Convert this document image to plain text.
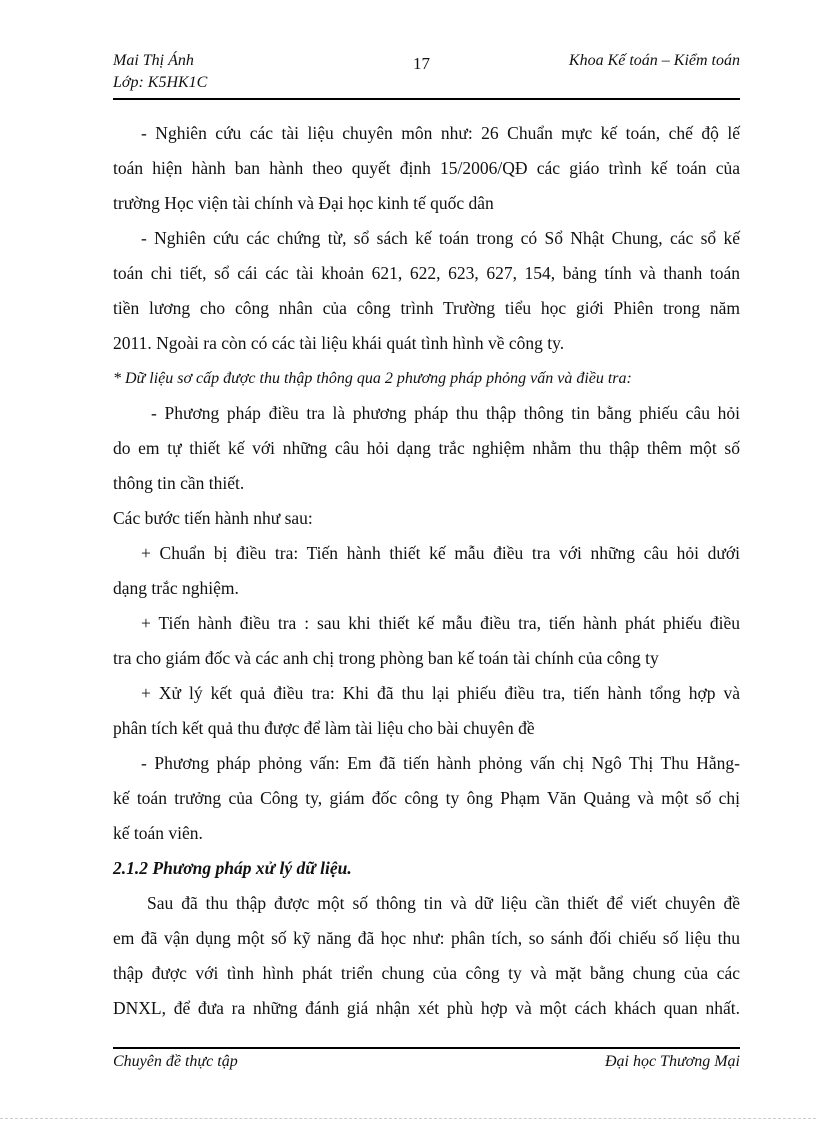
Mai Thị Ánh
Lớp: K5HK1C
17	Khoa Kế toán – Kiểm toán
- Nghiên cứu các tài liệu chuyên môn như: 26 Chuẩn mực kế toán, chế độ lế
toán hiện hành ban hành theo quyết định 15/2006/QĐ các giáo trình kế toán của
trường Học viện tài chính và Đại học kinh tế quốc dân
- Nghiên cứu các chứng từ, sổ sách kế toán trong có Sổ Nhật Chung, các sổ kế
toán chi tiết, sổ cái các tài khoản 621, 622, 623, 627, 154, bảng tính và thanh toán
tiền lương cho công nhân của công trình Trường tiểu học giới Phiên trong năm
2011. Ngoài ra còn có các tài liệu khái quát tình hình về công ty.
* Dữ liệu sơ cấp được thu thập thông qua 2 phương pháp phỏng vấn và điều tra:
- Phương pháp điều tra là phương pháp thu thập thông tin bằng phiếu câu hỏi
do em tự thiết kế với những câu hỏi dạng trắc nghiệm nhằm thu thập thêm một số
thông tin cần thiết.
Các bước tiến hành như sau:
+ Chuẩn bị điều tra: Tiến hành thiết kế mẫu điều tra với những câu hỏi dưới
dạng trắc nghiệm.
+ Tiến hành điều tra : sau khi thiết kế mẫu điều tra, tiến hành phát phiếu điều
tra cho giám đốc và các anh chị trong phòng ban kế toán tài chính của công ty
+ Xử lý kết quả điều tra: Khi đã thu lại phiếu điều tra, tiến hành tổng hợp và
phân tích kết quả thu được để làm tài liệu cho bài chuyên đề
- Phương pháp phỏng vấn: Em đã tiến hành phỏng vấn chị Ngô Thị Thu Hằng-
kế toán trưởng của Công ty, giám đốc công ty ông Phạm Văn Quảng và một số chị
kế toán viên.
2.1.2 Phương pháp xử lý dữ liệu.
Sau đã thu thập được một số thông tin và dữ liệu cần thiết để viết chuyên đề
em đã vận dụng một số kỹ năng đã học như: phân tích, so sánh đối chiếu số liệu thu
thập được với tình hình phát triển chung của công ty và mặt bằng chung của các
DNXL, để đưa ra những đánh giá nhận xét phù hợp và một cách khách quan nhất.
Chuyên đề thực tập	Đại học Thương Mại
